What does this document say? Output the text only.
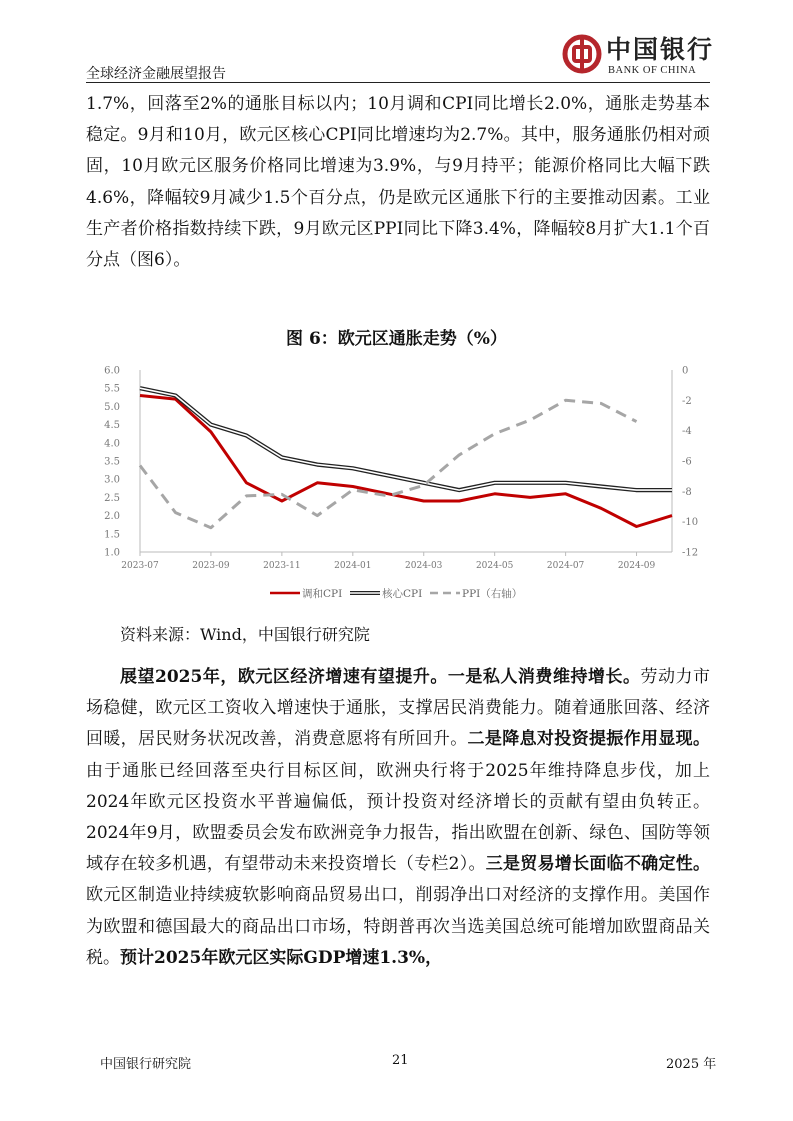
全球经济金融展望报告
中国银行
BANK OF CHINA

1.7%，回落至2%的通胀目标以内；10月调和CPI同比增长2.0%，通胀走势基本稳定。9月和10月，欧元区核心CPI同比增速均为2.7%。其中，服务通胀仍相对顽固，10月欧元区服务价格同比增速为3.9%，与9月持平；能源价格同比大幅下跌4.6%，降幅较9月减少1.5个百分点，仍是欧元区通胀下行的主要推动因素。工业生产者价格指数持续下跌，9月欧元区PPI同比下降3.4%，降幅较8月扩大1.1个百分点（图6）。

图 6：欧元区通胀走势（%）
1.0
1.5
2.0
2.5
3.0
3.5
4.0
4.5
5.0
5.5
6.0
-12
-10
-8
-6
-4
-2
0
2023-07	2023-09	2023-11	2024-01	2024-03	2024-05	2024-07	2024-09
调和CPI	核心CPI	PPI（右轴）
资料来源：Wind，中国银行研究院

展望2025年，欧元区经济增速有望提升。一是私人消费维持增长。劳动力市场稳健，欧元区工资收入增速快于通胀，支撑居民消费能力。随着通胀回落、经济回暖，居民财务状况改善，消费意愿将有所回升。二是降息对投资提振作用显现。由于通胀已经回落至央行目标区间，欧洲央行将于2025年维持降息步伐，加上2024年欧元区投资水平普遍偏低，预计投资对经济增长的贡献有望由负转正。2024年9月，欧盟委员会发布欧洲竞争力报告，指出欧盟在创新、绿色、国防等领域存在较多机遇，有望带动未来投资增长（专栏2）。三是贸易增长面临不确定性。欧元区制造业持续疲软影响商品贸易出口，削弱净出口对经济的支撑作用。美国作为欧盟和德国最大的商品出口市场，特朗普再次当选美国总统可能增加欧盟商品关税。预计2025年欧元区实际GDP增速1.3%，

中国银行研究院	21	2025 年
